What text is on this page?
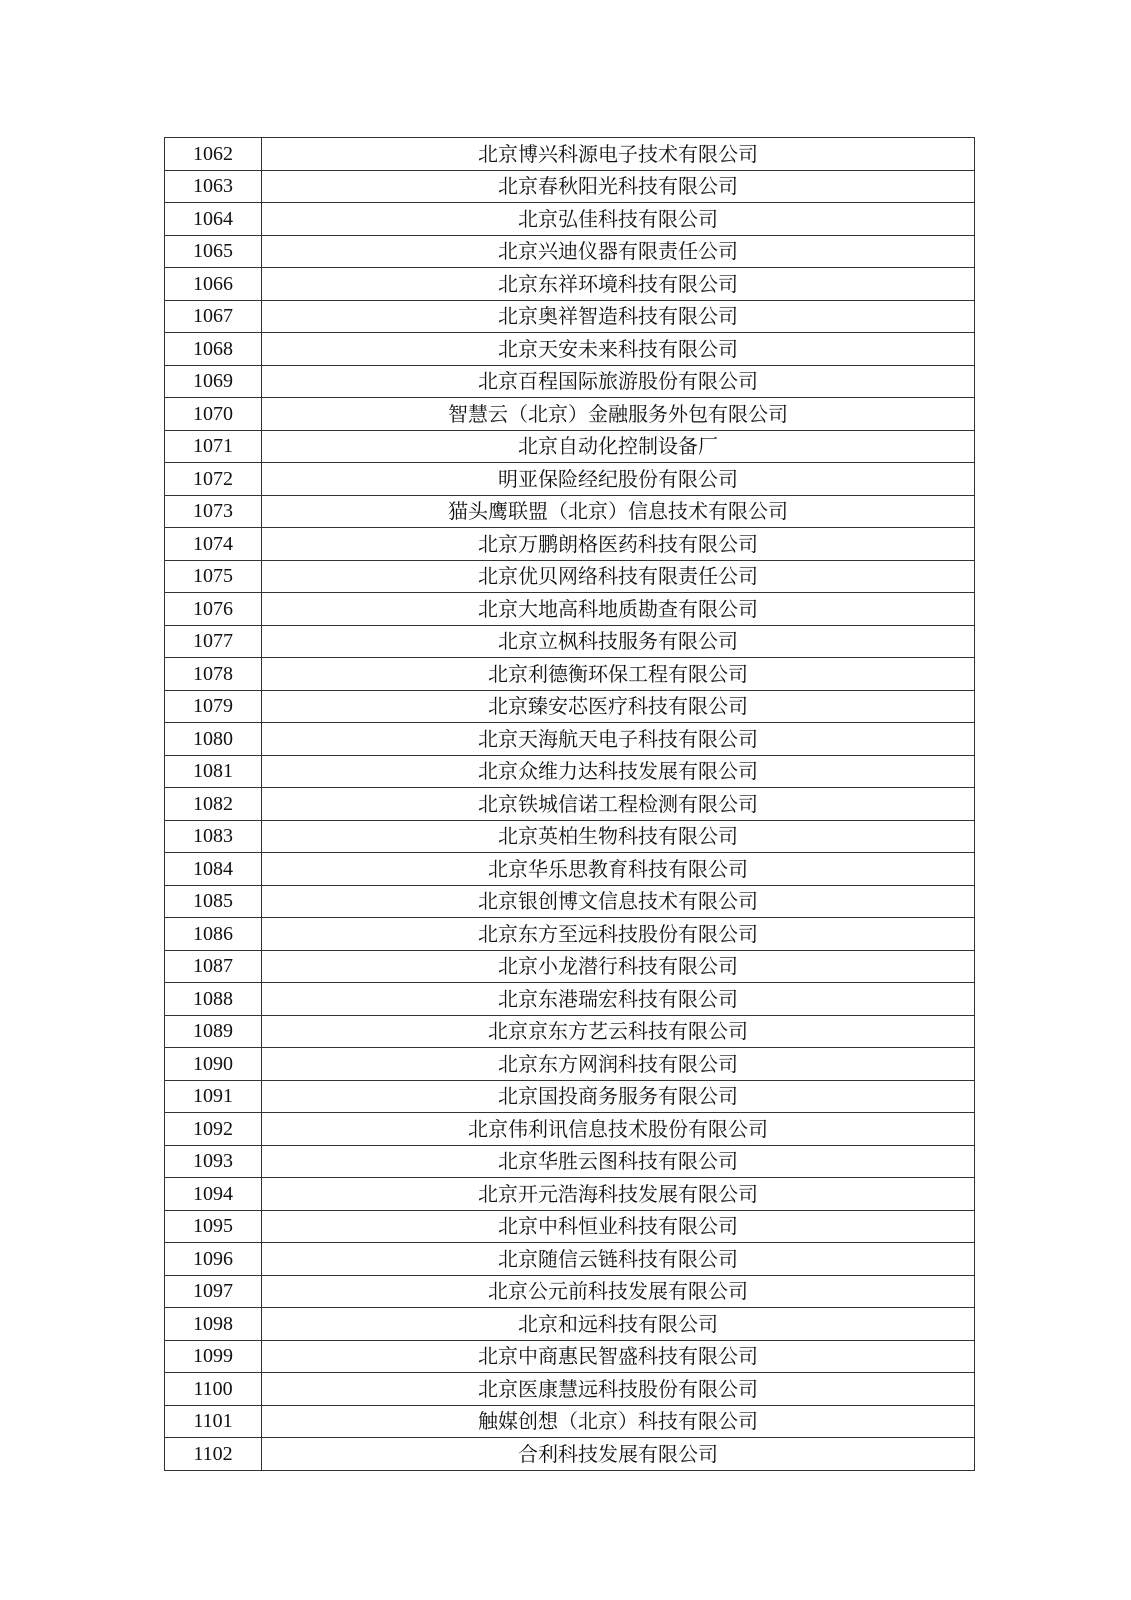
1062	北京博兴科源电子技术有限公司
1063	北京春秋阳光科技有限公司
1064	北京弘佳科技有限公司
1065	北京兴迪仪器有限责任公司
1066	北京东祥环境科技有限公司
1067	北京奥祥智造科技有限公司
1068	北京天安未来科技有限公司
1069	北京百程国际旅游股份有限公司
1070	智慧云（北京）金融服务外包有限公司
1071	北京自动化控制设备厂
1072	明亚保险经纪股份有限公司
1073	猫头鹰联盟（北京）信息技术有限公司
1074	北京万鹏朗格医药科技有限公司
1075	北京优贝网络科技有限责任公司
1076	北京大地高科地质勘查有限公司
1077	北京立枫科技服务有限公司
1078	北京利德衡环保工程有限公司
1079	北京臻安芯医疗科技有限公司
1080	北京天海航天电子科技有限公司
1081	北京众维力达科技发展有限公司
1082	北京铁城信诺工程检测有限公司
1083	北京英柏生物科技有限公司
1084	北京华乐思教育科技有限公司
1085	北京银创博文信息技术有限公司
1086	北京东方至远科技股份有限公司
1087	北京小龙潜行科技有限公司
1088	北京东港瑞宏科技有限公司
1089	北京京东方艺云科技有限公司
1090	北京东方网润科技有限公司
1091	北京国投商务服务有限公司
1092	北京伟利讯信息技术股份有限公司
1093	北京华胜云图科技有限公司
1094	北京开元浩海科技发展有限公司
1095	北京中科恒业科技有限公司
1096	北京随信云链科技有限公司
1097	北京公元前科技发展有限公司
1098	北京和远科技有限公司
1099	北京中商惠民智盛科技有限公司
1100	北京医康慧远科技股份有限公司
1101	触媒创想（北京）科技有限公司
1102	合利科技发展有限公司
